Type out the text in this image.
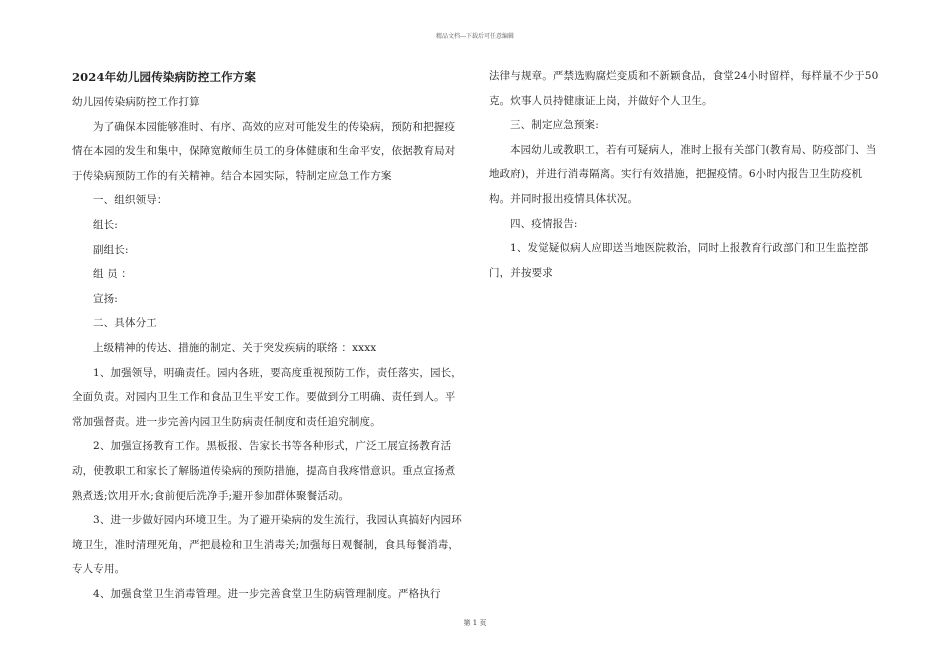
精品文档---下载后可任意编辑

2024年幼儿园传染病防控工作方案

幼儿园传染病防控工作打算

为了确保本园能够准时、有序、高效的应对可能发生的传染病，预防和把握疫情在本园的发生和集中，保障宽敞师生员工的身体健康和生命平安，依据教育局对于传染病预防工作的有关精神。结合本园实际，特制定应急工作方案

一、组织领导：

组长:

副组长:

组 员 ：

宣扬:

二、具体分工

上级精神的传达、措施的制定、关于突发疾病的联络 ：xxxx

1、加强领导，明确责任。园内各班，要高度重视预防工作，责任落实，园长，全面负责。对园内卫生工作和食品卫生平安工作。要做到分工明确、责任到人。平常加强督责。进一步完善内园卫生防病责任制度和责任追究制度。

2、加强宣扬教育工作。黑板报、告家长书等各种形式，广泛工展宣扬教育活动，使教职工和家长了解肠道传染病的预防措施，提高自我疼惜意识。重点宣扬煮熟煮透;饮用开水;食前便后洗净手;避开参加群体聚餐活动。

3、进一步做好园内环境卫生。为了避开染病的发生流行，我园认真搞好内园环境卫生，准时清理死角，严把晨检和卫生消毒关;加强每日观餐制，食具每餐消毒，专人专用。

4、加强食堂卫生消毒管理。进一步完善食堂卫生防病管理制度。严格执行

法律与规章。严禁选购腐烂变质和不新颖食品，食堂24小时留样，每样量不少于50克。炊事人员持健康证上岗，并做好个人卫生。

三、制定应急预案:

本园幼儿或教职工，若有可疑病人，准时上报有关部门(教育局、防疫部门、当地政府)，并进行消毒隔离。实行有效措施，把握疫情。6小时内报告卫生防疫机构。并同时报出疫情具体状况。

四、疫情报告:

1、发觉疑似病人应即送当地医院救治，同时上报教育行政部门和卫生监控部门，并按要求

第 1 页
